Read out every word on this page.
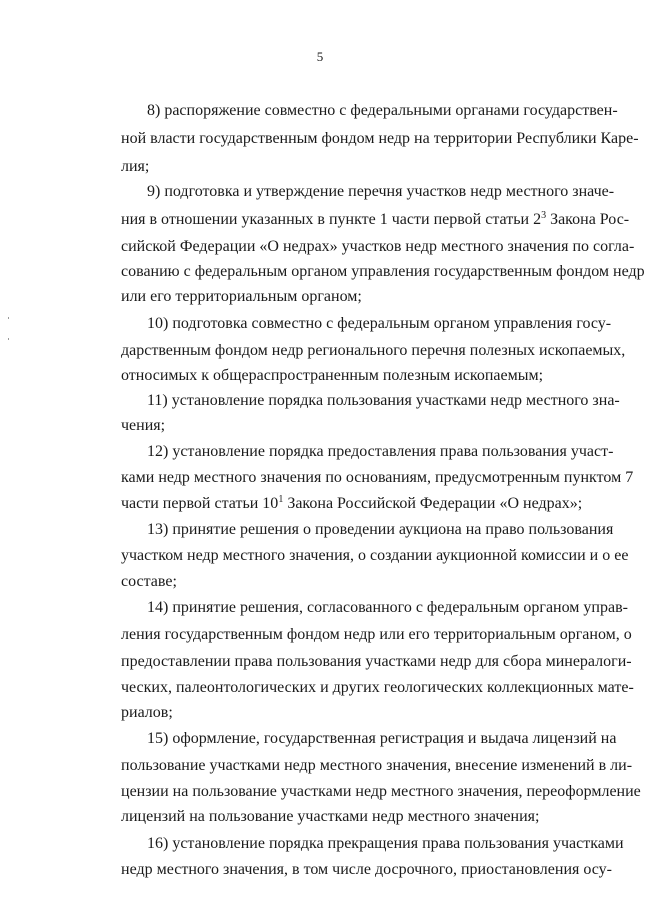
5
8) распоряжение совместно с федеральными органами государствен-
ной власти государственным фондом недр на территории Республики Каре-
лия;
9) подготовка и утверждение перечня участков недр местного значе-
ния в отношении указанных в пункте 1 части первой статьи $2^3$ Закона Рос-
сийской Федерации «О недрах» участков недр местного значения по согла-
сованию с федеральным органом управления государственным фондом недр
или его территориальным органом;
10) подготовка совместно с федеральным органом управления госу-
дарственным фондом недр регионального перечня полезных ископаемых,
относимых к общераспространенным полезным ископаемым;
11) установление порядка пользования участками недр местного зна-
чения;
12) установление порядка предоставления права пользования участ-
ками недр местного значения по основаниям, предусмотренным пунктом 7
части первой статьи $10^1$ Закона Российской Федерации «О недрах»;
13) принятие решения о проведении аукциона на право пользования
участком недр местного значения, о создании аукционной комиссии и о ее
составе;
14) принятие решения, согласованного с федеральным органом управ-
ления государственным фондом недр или его территориальным органом, о
предоставлении права пользования участками недр для сбора минералоги-
ческих, палеонтологических и других геологических коллекционных мате-
риалов;
15) оформление, государственная регистрация и выдача лицензий на
пользование участками недр местного значения, внесение изменений в ли-
цензии на пользование участками недр местного значения, переоформление
лицензий на пользование участками недр местного значения;
16) установление порядка прекращения права пользования участками
недр местного значения, в том числе досрочного, приостановления осу-
